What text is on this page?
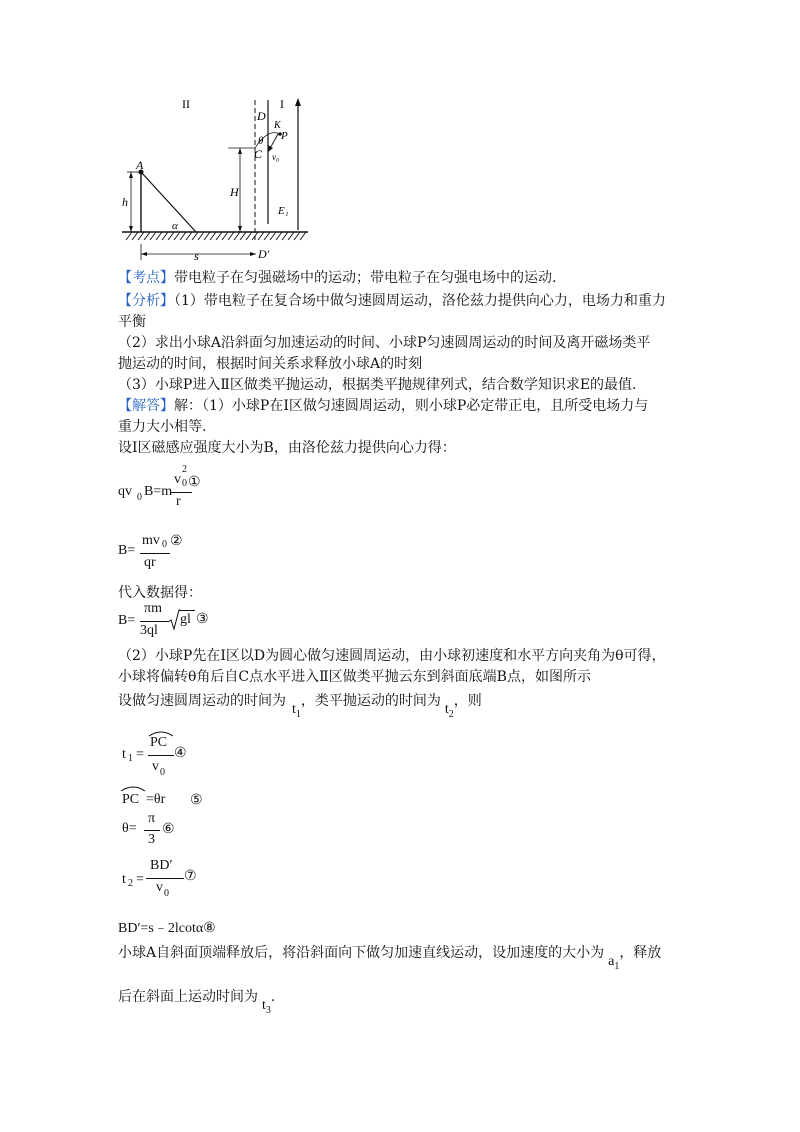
II	I
A
h
α
s
D
D′
C
H
θ
K
P
v₀
E₁
【考点】带电粒子在匀强磁场中的运动；带电粒子在匀强电场中的运动.
【分析】（1）带电粒子在复合场中做匀速圆周运动，洛伦兹力提供向心力，电场力和重力
平衡
（2）求出小球A沿斜面匀加速运动的时间、小球P匀速圆周运动的时间及离开磁场类平
抛运动的时间，根据时间关系求释放小球A的时刻
（3）小球P进入Ⅱ区做类平抛运动，根据类平抛规律列式，结合数学知识求E的最值.
【解答】解：（1）小球P在Ⅰ区做匀速圆周运动，则小球P必定带正电，且所受电场力与
重力大小相等.
设Ⅰ区磁感应强度大小为B，由洛伦兹力提供向心力得：
qv 0 B=m
v
2
0
r
①
B=
mv 0
qr
②
代入数据得：
B=
πm
3ql
gl ③
（2）小球P先在Ⅰ区以D为圆心做匀速圆周运动，由小球初速度和水平方向夹角为θ可得，
小球将偏转θ角后自C点水平进入Ⅱ区做类平抛云东到斜面底端B点，如图所示
设做匀速圆周运动的时间为$t_1$，类平抛运动的时间为$t_2$，则
t 1 =
PC
v 0
④
PC =θr ⑤
θ=
π
3
⑥
t 2 =
BD′
v 0
⑦
BD′=s﹣2lcotα⑧
小球A自斜面顶端释放后，将沿斜面向下做匀加速直线运动，设加速度的大小为$a_1$，释放
后在斜面上运动时间为$t_3$.
